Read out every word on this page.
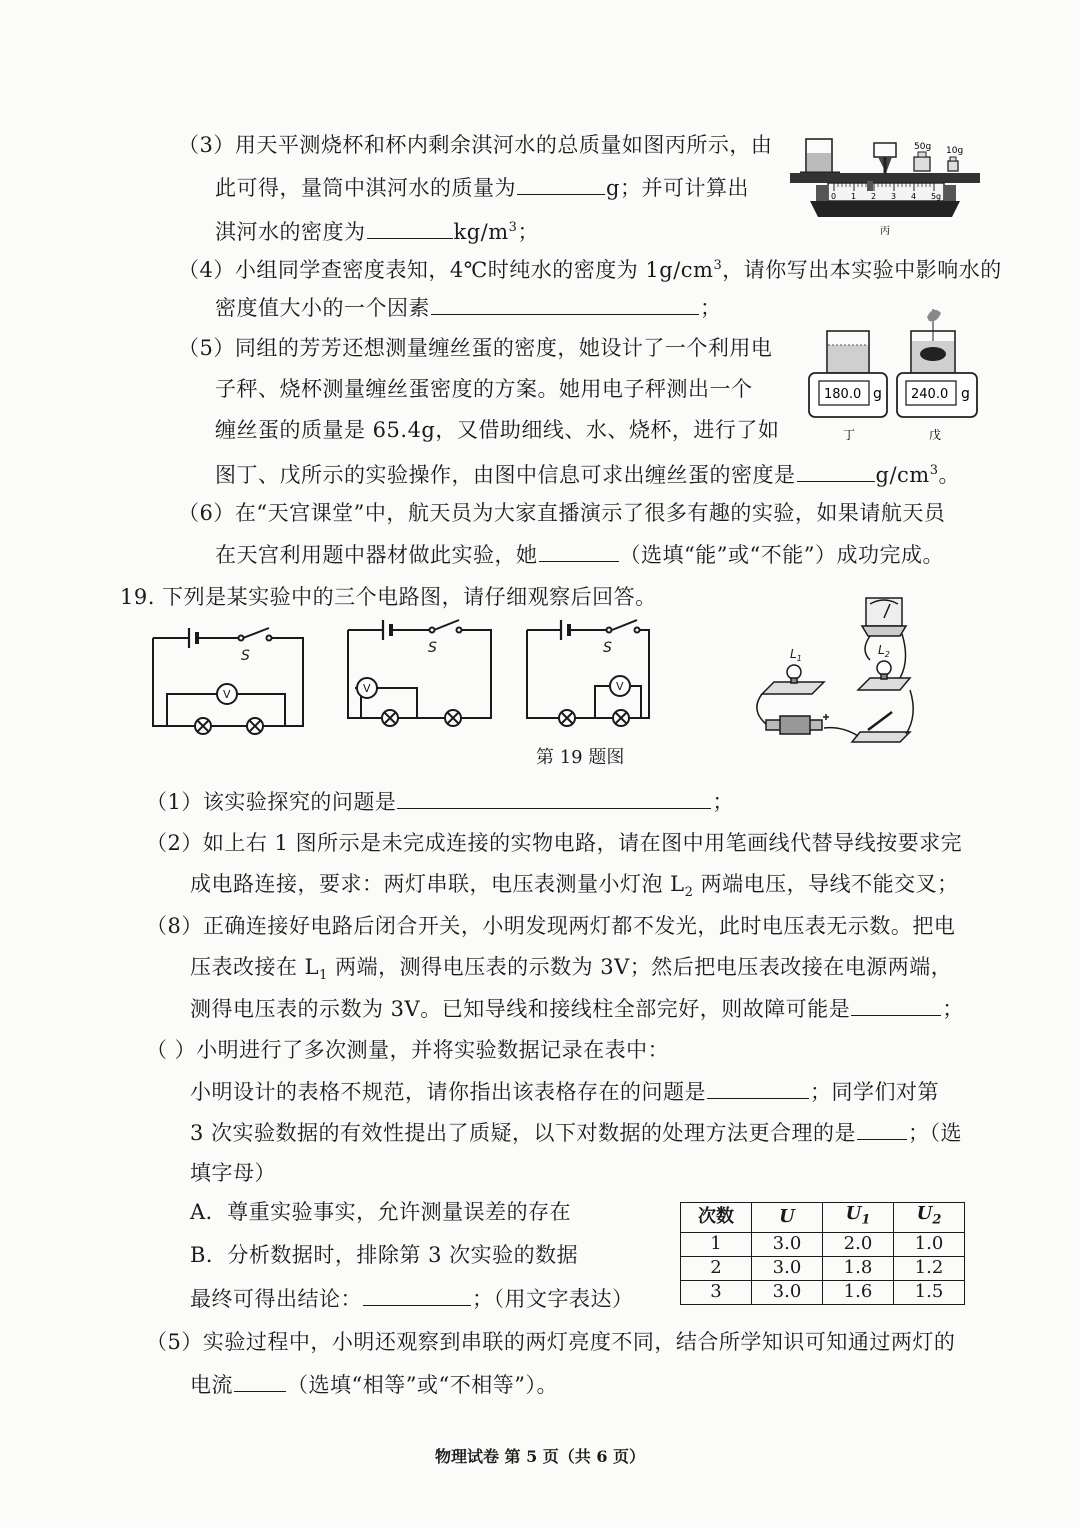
（3）用天平测烧杯和杯内剩余淇河水的总质量如图丙所示，由
此可得，量筒中淇河水的质量为	g；并可计算出
淇河水的密度为	$kg/m^3$；
50g 10g
0 1 2 3 4 5 g
丙
（4）小组同学查密度表知，4℃时纯水的密度为 $1g/cm^3$，请你写出本实验中影响水的
密度值大小的一个因素	；
（5）同组的芳芳还想测量缠丝蛋的密度，她设计了一个利用电
子秤、烧杯测量缠丝蛋密度的方案。她用电子秤测出一个
缠丝蛋的质量是 65.4g，又借助细线、水、烧杯，进行了如
图丁、戊所示的实验操作，由图中信息可求出缠丝蛋的密度是	$g/cm^3$。
180.0 g
丁
240.0 g
戊
（6）在“天宫课堂”中，航天员为大家直播演示了很多有趣的实验，如果请航天员
在天宫利用题中器材做此实验，她	（选填“能”或“不能”）成功完成。
19. 下列是某实验中的三个电路图，请仔细观察后回答。
S	S	S
V	V	V
$L_1$
$L_2$
第 19 题图
（1）该实验探究的问题是	；
（2）如上右 1 图所示是未完成连接的实物电路，请在图中用笔画线代替导线按要求完
成电路连接，要求：两灯串联，电压表测量小灯泡 $L_2$ 两端电压，导线不能交叉；
（8）正确连接好电路后闭合开关，小明发现两灯都不发光，此时电压表无示数。把电
压表改接在 $L_1$ 两端，测得电压表的示数为 3V；然后把电压表改接在电源两端，
测得电压表的示数为 3V。已知导线和接线柱全部完好，则故障可能是	；
（ ）小明进行了多次测量，并将实验数据记录在表中：
小明设计的表格不规范，请你指出该表格存在的问题是	；同学们对第
3 次实验数据的有效性提出了质疑，以下对数据的处理方法更合理的是 ；（选
填字母）
A．尊重实验事实，允许测量误差的存在
B．分析数据时，排除第 3 次实验的数据
最终可得出结论：	；（用文字表达）
次数	U	$U_1$	$U_2$
1	3.0	2.0	1.0
2	3.0	1.8	1.2
3	3.0	1.6	1.5
（5）实验过程中，小明还观察到串联的两灯亮度不同，结合所学知识可知通过两灯的
电流	（选填“相等”或“不相等”）。
物理试卷 第 5 页（共 6 页）
